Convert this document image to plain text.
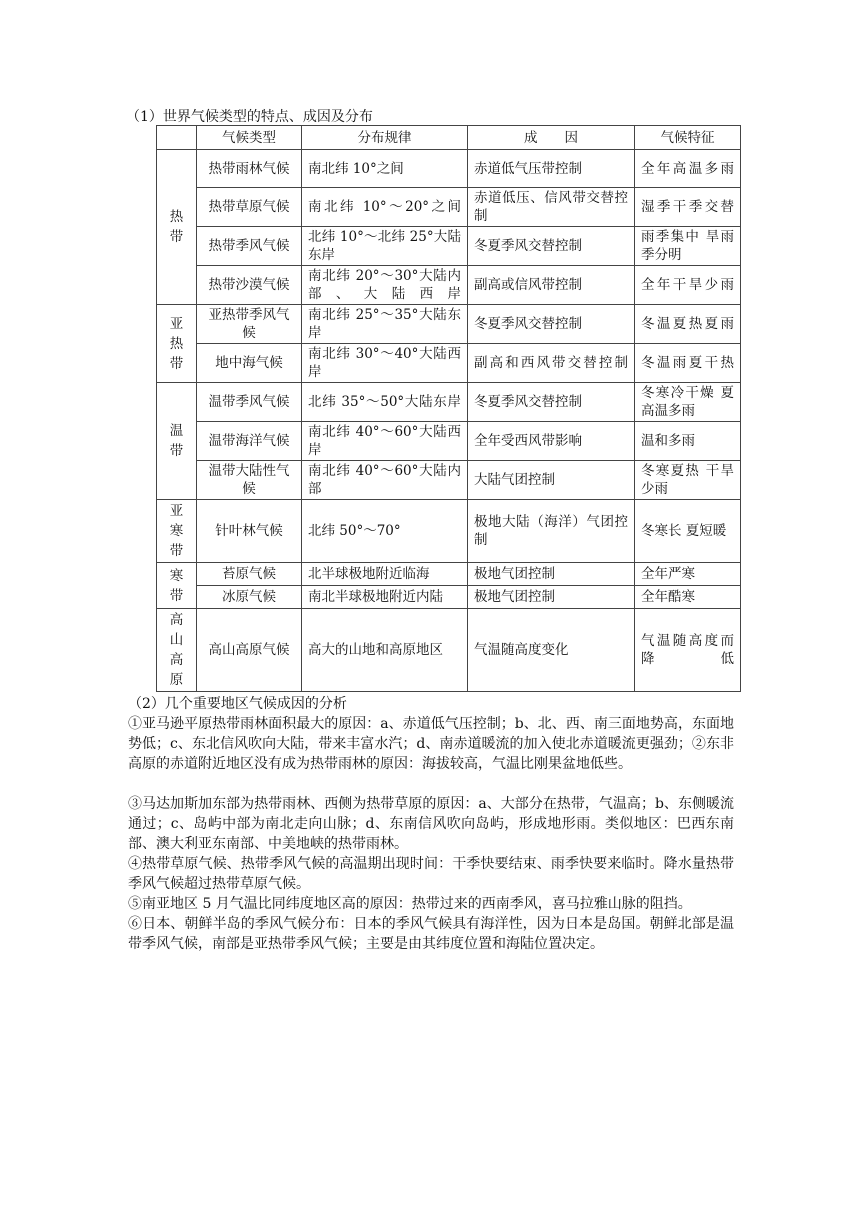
（1）世界气候类型的特点、成因及分布
	气候类型	分布规律	成　　因	气候特征

热带	热带雨林气候	南北纬 10°之间	赤道低气压带控制	全年高温多雨
	热带草原气候	南北纬 10°～20°之间	赤道低压、信风带交替控制	湿季干季交替
	热带季风气候	北纬 10°～北纬 25°大陆东岸	冬夏季风交替控制	雨季集中 旱雨季分明
	热带沙漠气候	南北纬 20°～30°大陆内部、大陆西岸	副高或信风带控制	全年干旱少雨

亚热带	亚热带季风气候	南北纬 25°～35°大陆东岸	冬夏季风交替控制	冬温夏热夏雨
	地中海气候	南北纬 30°～40°大陆西岸	副高和西风带交替控制	冬温雨夏干热

温带	温带季风气候	北纬 35°～50°大陆东岸	冬夏季风交替控制	冬寒冷干燥 夏高温多雨
	温带海洋气候	南北纬 40°～60°大陆西岸	全年受西风带影响	温和多雨
	温带大陆性气候	南北纬 40°～60°大陆内部	大陆气团控制	冬寒夏热 干旱少雨

亚寒带	针叶林气候	北纬 50°～70°	极地大陆（海洋）气团控制	冬寒长 夏短暖

寒带	苔原气候	北半球极地附近临海	极地气团控制	全年严寒
	冰原气候	南北半球极地附近内陆	极地气团控制	全年酷寒

高山高原	高山高原气候	高大的山地和高原地区	气温随高度变化	气温随高度而降低
（2）几个重要地区气候成因的分析
①亚马逊平原热带雨林面积最大的原因：a、赤道低气压控制；b、北、西、南三面地势高，东面地势低；c、东北信风吹向大陆，带来丰富水汽；d、南赤道暖流的加入使北赤道暖流更强劲；②东非高原的赤道附近地区没有成为热带雨林的原因：海拔较高，气温比刚果盆地低些。
③马达加斯加东部为热带雨林、西侧为热带草原的原因：a、大部分在热带，气温高；b、东侧暖流通过；c、岛屿中部为南北走向山脉；d、东南信风吹向岛屿，形成地形雨。类似地区：巴西东南部、澳大利亚东南部、中美地峡的热带雨林。
④热带草原气候、热带季风气候的高温期出现时间：干季快要结束、雨季快要来临时。降水量热带季风气候超过热带草原气候。
⑤南亚地区 5 月气温比同纬度地区高的原因：热带过来的西南季风，喜马拉雅山脉的阻挡。
⑥日本、朝鲜半岛的季风气候分布：日本的季风气候具有海洋性，因为日本是岛国。朝鲜北部是温带季风气候，南部是亚热带季风气候；主要是由其纬度位置和海陆位置决定。
